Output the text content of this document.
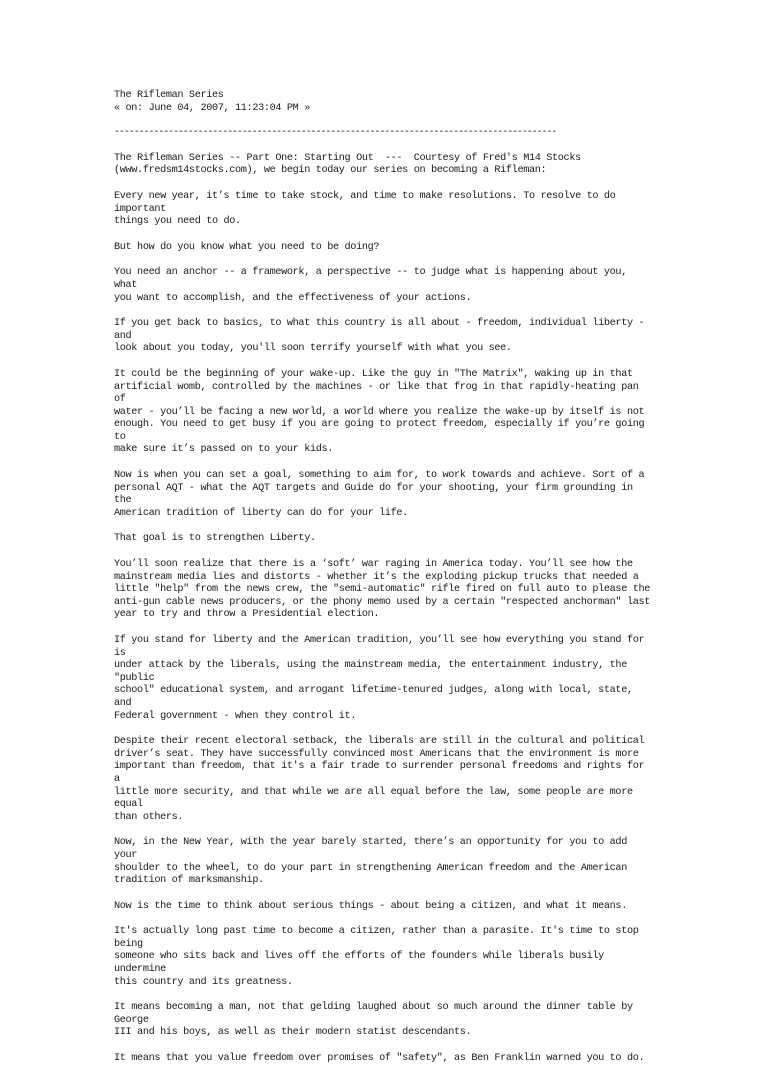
The Rifleman Series

« on: June 04, 2007, 11:23:04 PM »

------------------------------------------------------------------------------------------

The Rifleman Series -- Part One: Starting Out  ---  Courtesy of Fred's M14 Stocks

(www.fredsm14stocks.com), we begin today our series on becoming a Rifleman:

Every new year, it’s time to take stock, and time to make resolutions. To resolve to do important
things you need to do.

But how do you know what you need to be doing?

You need an anchor -- a framework, a perspective -- to judge what is happening about you, what
you want to accomplish, and the effectiveness of your actions.

If you get back to basics, to what this country is all about - freedom, individual liberty - and
look about you today, you'll soon terrify yourself with what you see.

It could be the beginning of your wake-up. Like the guy in "The Matrix", waking up in that
artificial womb, controlled by the machines - or like that frog in that rapidly-heating pan of
water - you’ll be facing a new world, a world where you realize the wake-up by itself is not
enough. You need to get busy if you are going to protect freedom, especially if you’re going to
make sure it’s passed on to your kids.

Now is when you can set a goal, something to aim for, to work towards and achieve. Sort of a
personal AQT - what the AQT targets and Guide do for your shooting, your firm grounding in the
American tradition of liberty can do for your life.

That goal is to strengthen Liberty.

You’ll soon realize that there is a ‘soft’ war raging in America today. You’ll see how the
mainstream media lies and distorts - whether it’s the exploding pickup trucks that needed a
little "help" from the news crew, the "semi-automatic" rifle fired on full auto to please the
anti-gun cable news producers, or the phony memo used by a certain "respected anchorman" last
year to try and throw a Presidential election.

If you stand for liberty and the American tradition, you’ll see how everything you stand for is
under attack by the liberals, using the mainstream media, the entertainment industry, the "public
school" educational system, and arrogant lifetime-tenured judges, along with local, state, and
Federal government - when they control it.

Despite their recent electoral setback, the liberals are still in the cultural and political
driver’s seat. They have successfully convinced most Americans that the environment is more
important than freedom, that it's a fair trade to surrender personal freedoms and rights for a
little more security, and that while we are all equal before the law, some people are more equal
than others.

Now, in the New Year, with the year barely started, there’s an opportunity for you to add your
shoulder to the wheel, to do your part in strengthening American freedom and the American
tradition of marksmanship.

Now is the time to think about serious things - about being a citizen, and what it means.

It's actually long past time to become a citizen, rather than a parasite. It's time to stop being
someone who sits back and lives off the efforts of the founders while liberals busily undermine
this country and its greatness.

It means becoming a man, not that gelding laughed about so much around the dinner table by George
III and his boys, as well as their modern statist descendants.

It means that you value freedom over promises of "safety", as Ben Franklin warned you to do.
